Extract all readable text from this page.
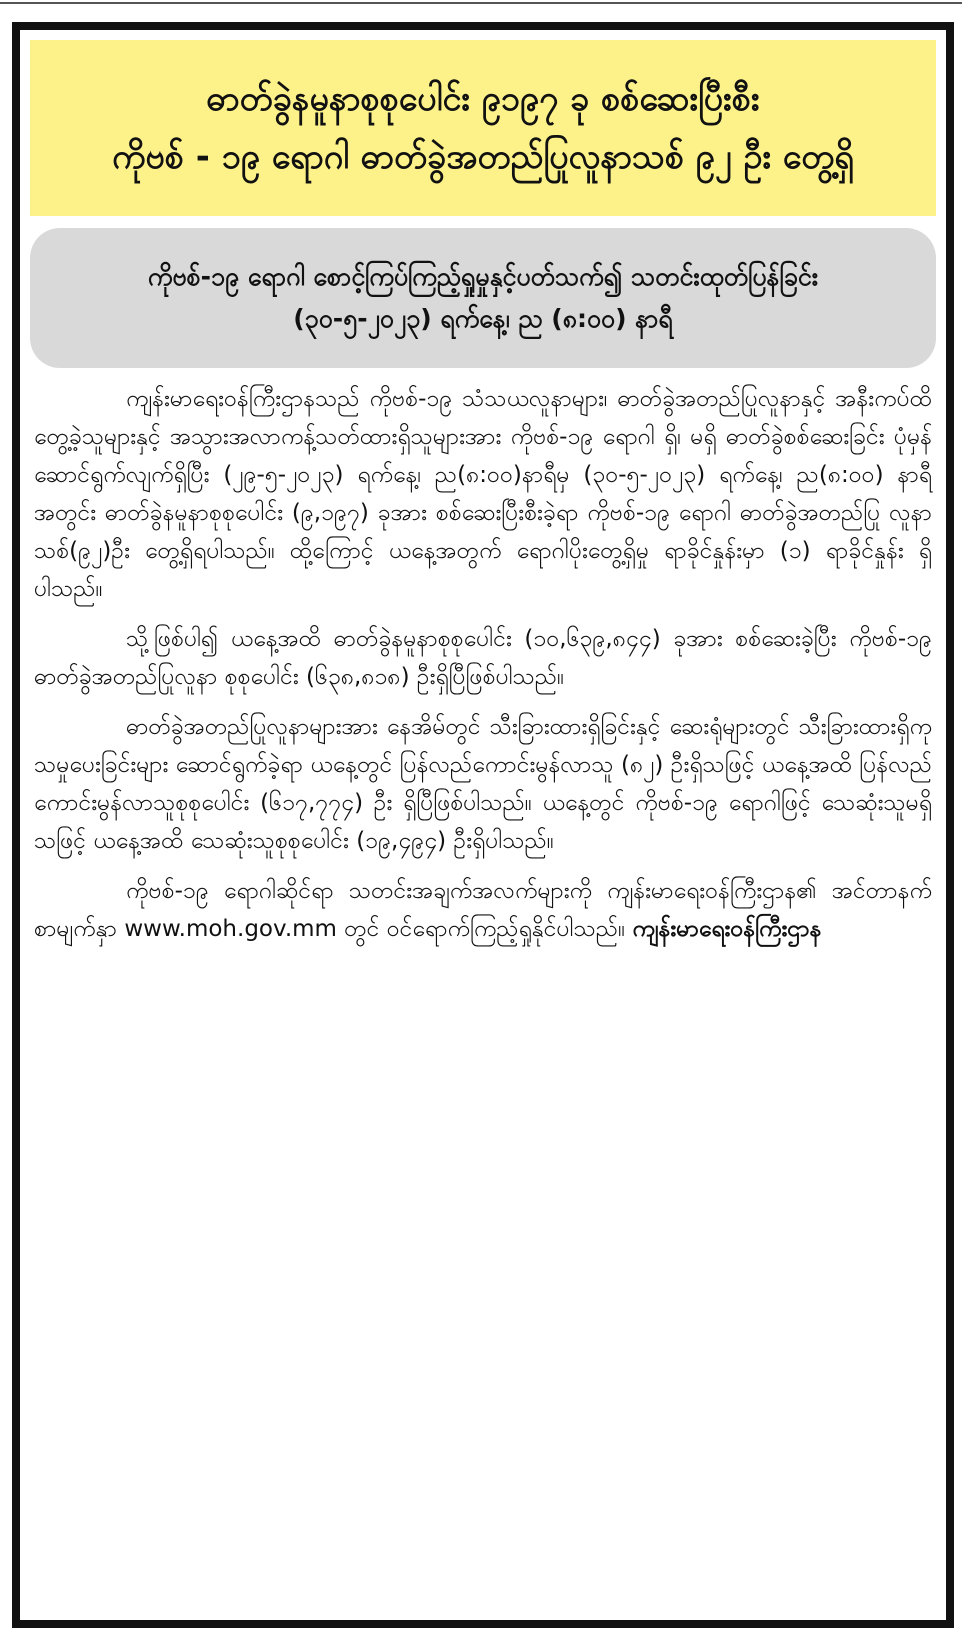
ဓာတ်ခွဲနမူနာစုစုပေါင်း ၉၁၉၇ ခု စစ်ဆေးပြီးစီး
ကိုဗစ် - ၁၉ ရောဂါ ဓာတ်ခွဲအတည်ပြုလူနာသစ် ၉၂ ဦး တွေ့ရှိ
ကိုဗစ်-၁၉ ရောဂါ စောင့်ကြပ်ကြည့်ရှုမှုနှင့်ပတ်သက်၍ သတင်းထုတ်ပြန်ခြင်း
(၃၀-၅-၂၀၂၃) ရက်နေ့၊ ည (၈:၀၀) နာရီ

ကျန်းမာရေးဝန်ကြီးဌာနသည် ကိုဗစ်-၁၉ သံသယလူနာများ၊ ဓာတ်ခွဲအတည်ပြုလူနာနှင့် အနီးကပ်ထိတွေ့ခဲ့သူများနှင့် အသွားအလာကန့်သတ်ထားရှိသူများအား ကိုဗစ်-၁၉ ရောဂါ ရှိ၊ မရှိ ဓာတ်ခွဲစစ်ဆေးခြင်း ပုံမှန်ဆောင်ရွက်လျက်ရှိပြီး (၂၉-၅-၂၀၂၃) ရက်နေ့၊ ည(၈:၀၀)နာရီမှ (၃၀-၅-၂၀၂၃) ရက်နေ့၊ ည(၈:၀၀) နာရီအတွင်း ဓာတ်ခွဲနမူနာစုစုပေါင်း (၉,၁၉၇) ခုအား စစ်ဆေးပြီးစီးခဲ့ရာ ကိုဗစ်-၁၉ ရောဂါ ဓာတ်ခွဲအတည်ပြု လူနာသစ်(၉၂)ဦး တွေ့ရှိရပါသည်။ ထို့ကြောင့် ယနေ့အတွက် ရောဂါပိုးတွေ့ရှိမှု ရာခိုင်နှုန်းမှာ (၁) ရာခိုင်နှုန်း ရှိပါသည်။

သို့ဖြစ်ပါ၍ ယနေ့အထိ ဓာတ်ခွဲနမူနာစုစုပေါင်း (၁၀,၆၃၉,၈၄၄) ခုအား စစ်ဆေးခဲ့ပြီး ကိုဗစ်-၁၉ ဓာတ်ခွဲအတည်ပြုလူနာ စုစုပေါင်း (၆၃၈,၈၁၈) ဦးရှိပြီဖြစ်ပါသည်။

ဓာတ်ခွဲအတည်ပြုလူနာများအား နေအိမ်တွင် သီးခြားထားရှိခြင်းနှင့် ဆေးရုံများတွင် သီးခြားထားရှိကုသမှုပေးခြင်းများ ဆောင်ရွက်ခဲ့ရာ ယနေ့တွင် ပြန်လည်ကောင်းမွန်လာသူ (၈၂) ဦးရှိသဖြင့် ယနေ့အထိ ပြန်လည်ကောင်းမွန်လာသူစုစုပေါင်း (၆၁၇,၇၇၄) ဦး ရှိပြီဖြစ်ပါသည်။ ယနေ့တွင် ကိုဗစ်-၁၉ ရောဂါဖြင့် သေဆုံးသူမရှိသဖြင့် ယနေ့အထိ သေဆုံးသူစုစုပေါင်း (၁၉,၄၉၄) ဦးရှိပါသည်။

ကိုဗစ်-၁၉ ရောဂါဆိုင်ရာ သတင်းအချက်အလက်များကို ကျန်းမာရေးဝန်ကြီးဌာန၏ အင်တာနက်စာမျက်နှာ www.moh.gov.mm တွင် ဝင်ရောက်ကြည့်ရှုနိုင်ပါသည်။ ကျန်းမာရေးဝန်ကြီးဌာန
